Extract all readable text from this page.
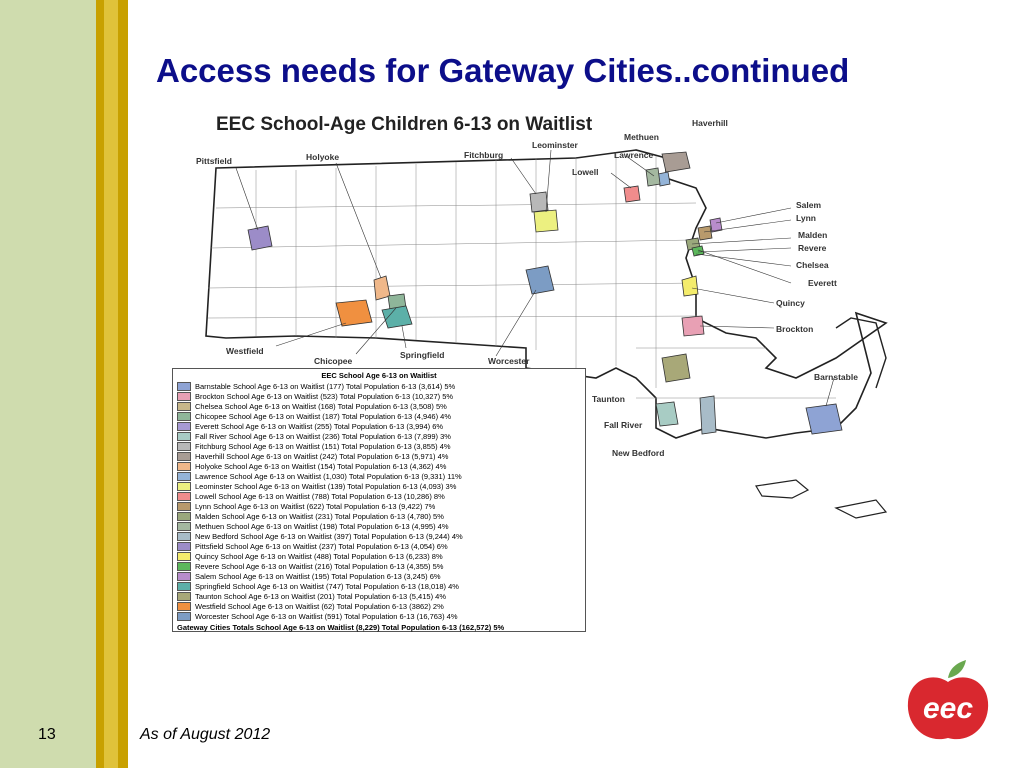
Access needs for Gateway Cities..continued
EEC School-Age Children 6-13 on Waitlist	Haverhill
Methuen
Pittsfield	Holyoke	Fitchburg
Leominster
Lawrence
Lowell
Salem
Lynn
Malden
Revere
Chelsea
Everett
Quincy
Brockton
Westfield
Chicopee
Springfield
Worcester
Barnstable
Taunton
Fall River
New Bedford
EEC School Age 6-13 on Waitlist
Barnstable School Age 6-13 on Waitlist (177) Total Population 6-13 (3,614) 5%
Brockton School Age 6-13 on Waitlist (523) Total Population 6-13 (10,327) 5%
Chelsea School Age 6-13 on Waitlist (168) Total Population 6-13 (3,508) 5%
Chicopee School Age 6-13 on Waitlist (187) Total Population 6-13 (4,946) 4%
Everett School Age 6-13 on Waitlist (255) Total Population 6-13 (3,994) 6%
Fall River School Age 6-13 on Waitlist (236) Total Population 6-13 (7,899) 3%
Fitchburg School Age 6-13 on Waitlist (151) Total Population 6-13 (3,855) 4%
Haverhill School Age 6-13 on Waitlist (242) Total Population 6-13 (5,971) 4%
Holyoke School Age 6-13 on Waitlist (154) Total Population 6-13 (4,362) 4%
Lawrence School Age 6-13 on Waitlist (1,030) Total Population 6-13 (9,331) 11%
Leominster School Age 6-13 on Waitlist (139) Total Population 6-13 (4,093) 3%
Lowell School Age 6-13 on Waitlist (788) Total Population 6-13 (10,286) 8%
Lynn School Age 6-13 on Waitlist (622) Total Population 6-13 (9,422) 7%
Malden School Age 6-13 on Waitlist (231) Total Population 6-13 (4,780) 5%
Methuen School Age 6-13 on Waitlist (198) Total Population 6-13 (4,995) 4%
New Bedford School Age 6-13 on Waitlist (397) Total Population 6-13 (9,244) 4%
Pittsfield School Age 6-13 on Waitlist (237) Total Population 6-13 (4,054) 6%
Quincy School Age 6-13 on Waitlist (488) Total Population 6-13 (6,233) 8%
Revere School Age 6-13 on Waitlist (216) Total Population 6-13 (4,355) 5%
Salem School Age 6-13 on Waitlist (195) Total Population 6-13 (3,245) 6%
Springfield School Age 6-13 on Waitlist (747) Total Population 6-13 (18,018) 4%
Taunton School Age 6-13 on Waitlist (201) Total Population 6-13 (5,415) 4%
Westfield School Age 6-13 on Waitlist (62) Total Population 6-13 (3862) 2%
Worcester School Age 6-13 on Waitlist (591) Total Population 6-13 (16,763) 4%
Gateway Cities Totals School Age 6-13 on Waitlist (8,229) Total Population 6-13 (162,572) 5%
eec
13	As of August 2012
